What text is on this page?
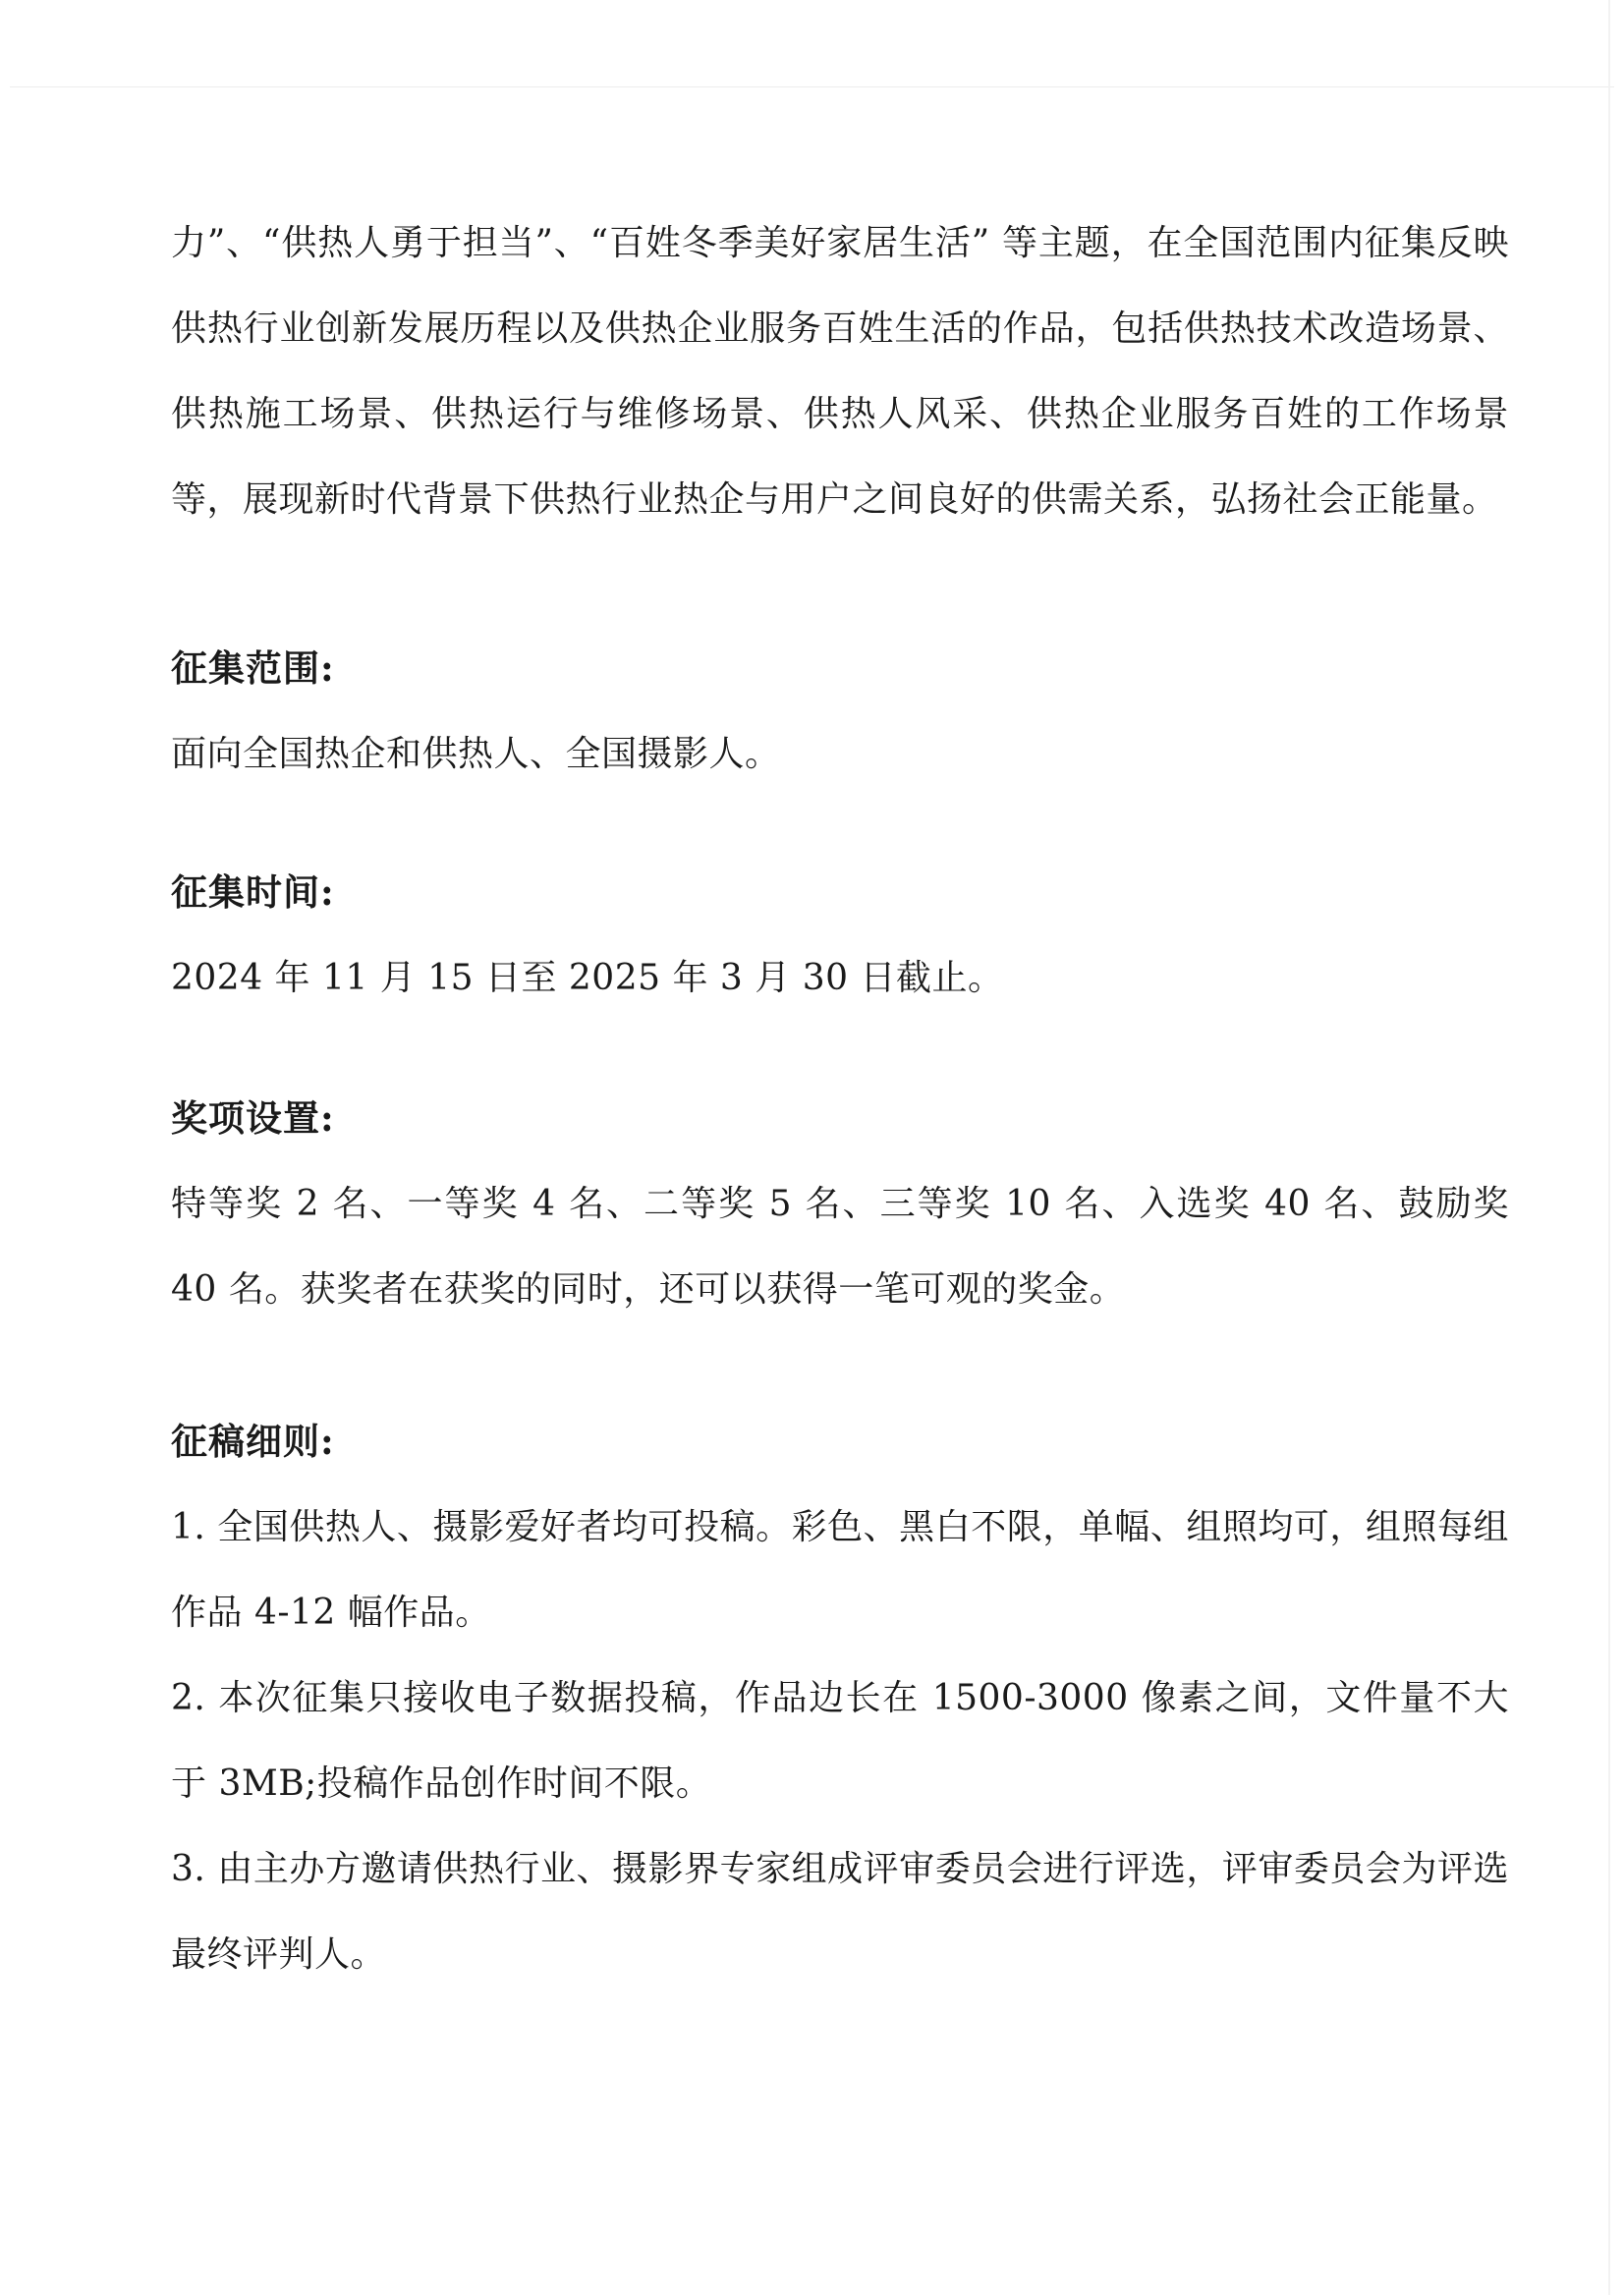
力”、“供热人勇于担当”、“百姓冬季美好家居生活” 等主题，在全国范围内征集反映供热行业创新发展历程以及供热企业服务百姓生活的作品，包括供热技术改造场景、供热施工场景、供热运行与维修场景、供热人风采、供热企业服务百姓的工作场景等，展现新时代背景下供热行业热企与用户之间良好的供需关系，弘扬社会正能量。

征集范围:

面向全国热企和供热人、全国摄影人。

征集时间:

2024 年 11 月 15 日至 2025 年 3 月 30 日截止。

奖项设置:

特等奖 2 名、一等奖 4 名、二等奖 5 名、三等奖 10 名、入选奖 40 名、鼓励奖 40 名。获奖者在获奖的同时，还可以获得一笔可观的奖金。

征稿细则:

1. 全国供热人、摄影爱好者均可投稿。彩色、黑白不限，单幅、组照均可，组照每组作品 4-12 幅作品。

2. 本次征集只接收电子数据投稿，作品边长在 1500-3000 像素之间，文件量不大于 3MB;投稿作品创作时间不限。

3. 由主办方邀请供热行业、摄影界专家组成评审委员会进行评选，评审委员会为评选最终评判人。
